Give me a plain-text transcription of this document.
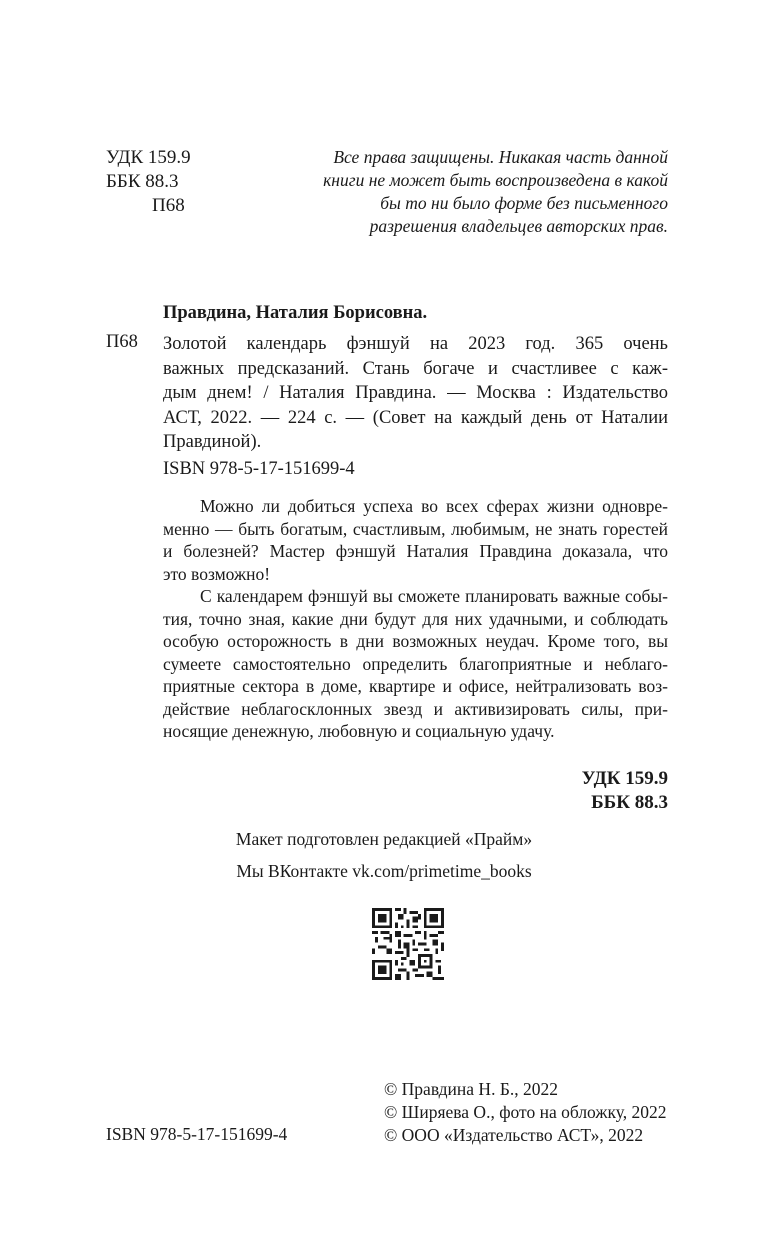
УДК 159.9
ББК 88.3
П68
Все права защищены. Никакая часть данной
книги не может быть воспроизведена в какой
бы то ни было форме без письменного
разрешения владельцев авторских прав.
Правдина, Наталия Борисовна.
П68 Золотой календарь фэншуй на 2023 год. 365 очень
важных предсказаний. Стань богаче и счастливее с каж-
дым днем! / Наталия Правдина. — Москва : Издательство
АСТ, 2022. — 224 с. — (Совет на каждый день от Наталии
Правдиной).
ISBN 978-5-17-151699-4
Можно ли добиться успеха во всех сферах жизни одновре-
менно — быть богатым, счастливым, любимым, не знать горестей
и болезней? Мастер фэншуй Наталия Правдина доказала, что
это возможно!
С календарем фэншуй вы сможете планировать важные собы-
тия, точно зная, какие дни будут для них удачными, и соблюдать
особую осторожность в дни возможных неудач. Кроме того, вы
сумеете самостоятельно определить благоприятные и неблаго-
приятные сектора в доме, квартире и офисе, нейтрализовать воз-
действие неблагосклонных звезд и активизировать силы, при-
носящие денежную, любовную и социальную удачу.
УДК 159.9
ББК 88.3
Макет подготовлен редакцией «Прайм»
Мы ВКонтакте vk.com/primetime_books
© Правдина Н. Б., 2022
© Ширяева О., фото на обложку, 2022
© ООО «Издательство АСТ», 2022
ISBN 978-5-17-151699-4
